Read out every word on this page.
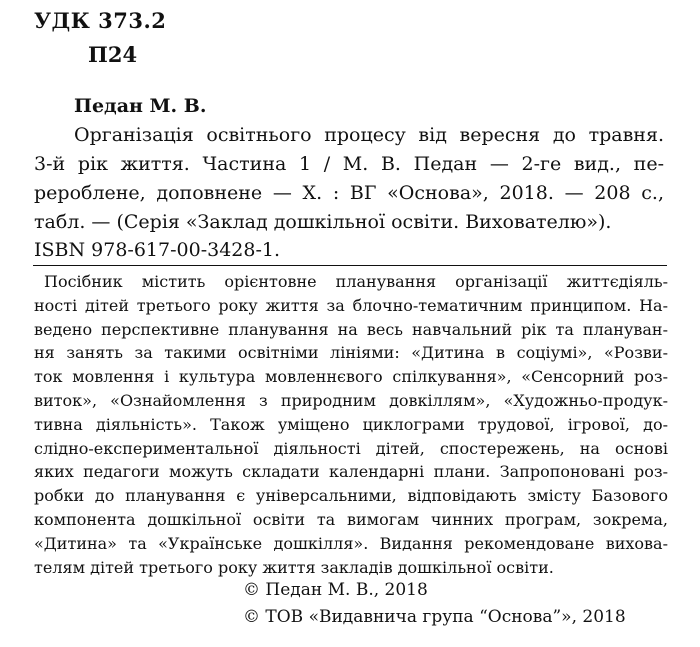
УДК 373.2
П24
Педан М. В.
Організація освітнього процесу від вересня до травня.
3-й рік життя. Частина 1 / М. В. Педан — 2-ге вид., пе-
рероблене, доповнене — Х. : ВГ «Основа», 2018. — 208 с.,
табл. — (Серія «Заклад дошкільної освіти. Вихователю»).
ISBN 978-617-00-3428-1.
Посібник містить орієнтовне планування організації життєдіяль-
ності дітей третього року життя за блочно-тематичним принципом. На-
ведено перспективне планування на весь навчальний рік та плануван-
ня занять за такими освітніми лініями: «Дитина в соціумі», «Розви-
ток мовлення і культура мовленнєвого спілкування», «Сенсорний роз-
виток», «Ознайомлення з природним довкіллям», «Художньо-продук-
тивна діяльність». Також уміщено циклограми трудової, ігрової, до-
слідно-експериментальної діяльності дітей, спостережень, на основі
яких педагоги можуть складати календарні плани. Запропоновані роз-
робки до планування є універсальними, відповідають змісту Базового
компонента дошкільної освіти та вимогам чинних програм, зокрема,
«Дитина» та «Українське дошкілля». Видання рекомендоване вихова-
телям дітей третього року життя закладів дошкільної освіти.
© Педан М. В., 2018
© ТОВ «Видавнича група “Основа”», 2018
